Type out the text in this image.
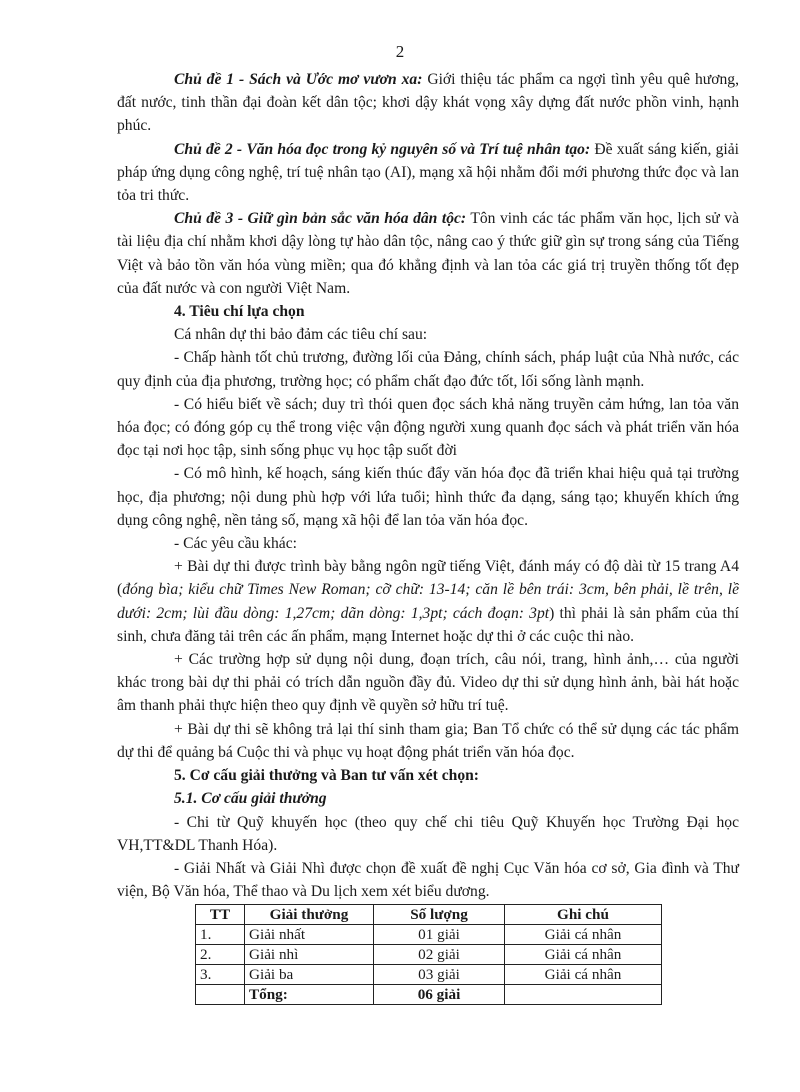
2

Chủ đề 1 - Sách và Ước mơ vươn xa: Giới thiệu tác phẩm ca ngợi tình yêu quê hương, đất nước, tinh thần đại đoàn kết dân tộc; khơi dậy khát vọng xây dựng đất nước phồn vinh, hạnh phúc.

Chủ đề 2 - Văn hóa đọc trong kỷ nguyên số và Trí tuệ nhân tạo: Đề xuất sáng kiến, giải pháp ứng dụng công nghệ, trí tuệ nhân tạo (AI), mạng xã hội nhằm đổi mới phương thức đọc và lan tỏa tri thức.

Chủ đề 3 - Giữ gìn bản sắc văn hóa dân tộc: Tôn vinh các tác phẩm văn học, lịch sử và tài liệu địa chí nhằm khơi dậy lòng tự hào dân tộc, nâng cao ý thức giữ gìn sự trong sáng của Tiếng Việt và bảo tồn văn hóa vùng miền; qua đó khẳng định và lan tỏa các giá trị truyền thống tốt đẹp của đất nước và con người Việt Nam.

4. Tiêu chí lựa chọn

Cá nhân dự thi bảo đảm các tiêu chí sau:

- Chấp hành tốt chủ trương, đường lối của Đảng, chính sách, pháp luật của Nhà nước, các quy định của địa phương, trường học; có phẩm chất đạo đức tốt, lối sống lành mạnh.

- Có hiểu biết về sách; duy trì thói quen đọc sách khả năng truyền cảm hứng, lan tỏa văn hóa đọc; có đóng góp cụ thể trong việc vận động người xung quanh đọc sách và phát triển văn hóa đọc tại nơi học tập, sinh sống phục vụ học tập suốt đời

- Có mô hình, kế hoạch, sáng kiến thúc đẩy văn hóa đọc đã triển khai hiệu quả tại trường học, địa phương; nội dung phù hợp với lứa tuổi; hình thức đa dạng, sáng tạo; khuyến khích ứng dụng công nghệ, nền tảng số, mạng xã hội để lan tỏa văn hóa đọc.

- Các yêu cầu khác:

+ Bài dự thi được trình bày bằng ngôn ngữ tiếng Việt, đánh máy có độ dài từ 15 trang A4 (đóng bìa; kiểu chữ Times New Roman; cỡ chữ: 13-14; căn lề bên trái: 3cm, bên phải, lề trên, lề dưới: 2cm; lùi đầu dòng: 1,27cm; dãn dòng: 1,3pt; cách đoạn: 3pt) thì phải là sản phẩm của thí sinh, chưa đăng tải trên các ấn phẩm, mạng Internet hoặc dự thi ở các cuộc thi nào.

+ Các trường hợp sử dụng nội dung, đoạn trích, câu nói, trang, hình ảnh,… của người khác trong bài dự thi phải có trích dẫn nguồn đầy đủ. Video dự thi sử dụng hình ảnh, bài hát hoặc âm thanh phải thực hiện theo quy định về quyền sở hữu trí tuệ.

+ Bài dự thi sẽ không trả lại thí sinh tham gia; Ban Tổ chức có thể sử dụng các tác phẩm dự thi để quảng bá Cuộc thi và phục vụ hoạt động phát triển văn hóa đọc.

5. Cơ cấu giải thưởng và Ban tư vấn xét chọn:

5.1. Cơ cấu giải thưởng

- Chi từ Quỹ khuyến học (theo quy chế chi tiêu Quỹ Khuyến học Trường Đại học VH,TT&DL Thanh Hóa).

- Giải Nhất và Giải Nhì được chọn đề xuất đề nghị Cục Văn hóa cơ sở, Gia đình và Thư viện, Bộ Văn hóa, Thể thao và Du lịch xem xét biểu dương.

TT	Giải thưởng	Số lượng	Ghi chú
1.	Giải nhất	01 giải	Giải cá nhân
2.	Giải nhì	02 giải	Giải cá nhân
3.	Giải ba	03 giải	Giải cá nhân
	Tổng:	06 giải	
